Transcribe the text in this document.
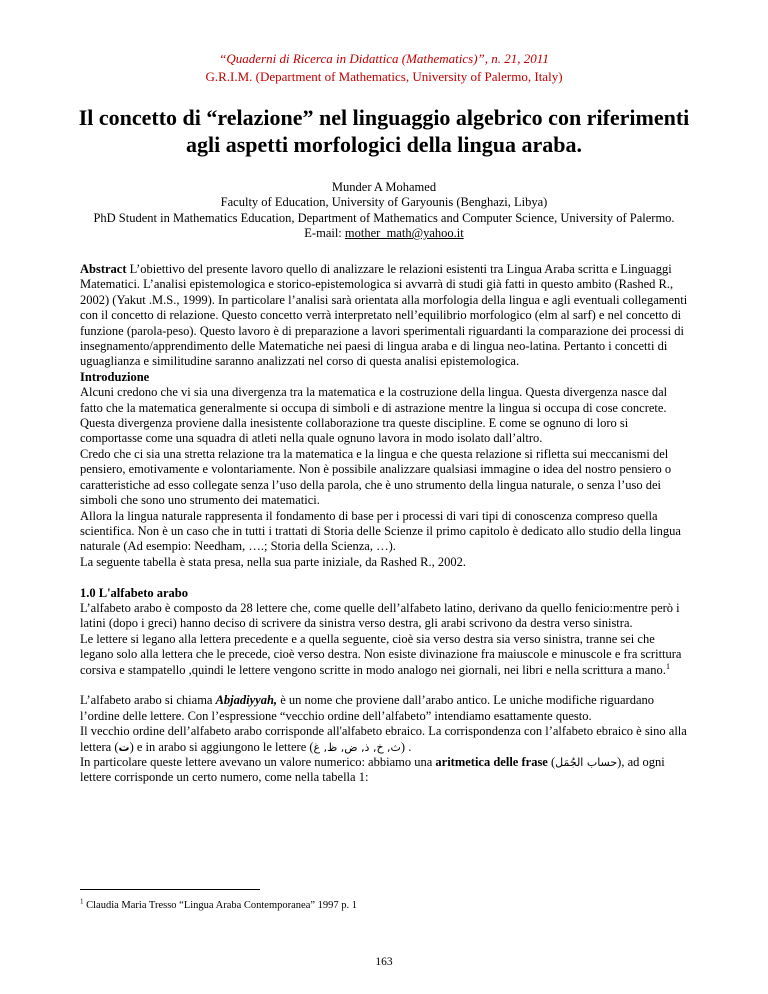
“Quaderni di Ricerca in Didattica (Mathematics)”, n. 21, 2011
G.R.I.M. (Department of Mathematics, University of Palermo, Italy)
Il concetto di “relazione” nel linguaggio algebrico con riferimenti agli aspetti morfologici della lingua araba.
Munder A Mohamed
Faculty of Education, University of Garyounis (Benghazi, Libya)
PhD Student in Mathematics Education, Department of Mathematics and Computer Science, University of Palermo.
E-mail: mother_math@yahoo.it

Abstract L’obiettivo del presente lavoro quello di analizzare le relazioni esistenti tra Lingua Araba scritta e Linguaggi Matematici. L’analisi epistemologica e storico-epistemologica si avvarrà di studi già fatti in questo ambito (Rashed R., 2002) (Yakut .M.S., 1999). In particolare l’analisi sarà orientata alla morfologia della lingua e agli eventuali collegamenti con il concetto di relazione. Questo concetto verrà interpretato nell’equilibrio morfologico (elm al sarf) e nel concetto di funzione (parola-peso). Questo lavoro è di preparazione a lavori sperimentali riguardanti la comparazione dei processi di insegnamento/apprendimento delle Matematiche nei paesi di lingua araba e di lingua neo-latina. Pertanto i concetti di uguaglianza e similitudine saranno analizzati nel corso di questa analisi epistemologica.

Introduzione

Alcuni credono che vi sia una divergenza tra la matematica e la costruzione della lingua. Questa divergenza nasce dal fatto che la matematica generalmente si occupa di simboli e di astrazione mentre la lingua si occupa di cose concrete. Questa divergenza proviene dalla inesistente collaborazione tra queste discipline. E come se ognuno di loro si comportasse come una squadra di atleti nella quale ognuno lavora in modo isolato dall’altro.

Credo che ci sia una stretta relazione tra la matematica e la lingua e che questa relazione si rifletta sui meccanismi del pensiero, emotivamente e volontariamente. Non è possibile analizzare qualsiasi immagine o idea del nostro pensiero o caratteristiche ad esso collegate senza l’uso della parola, che è uno strumento della lingua naturale, o senza l’uso dei simboli che sono uno strumento dei matematici.

Allora la lingua naturale rappresenta il fondamento di base per i processi di vari tipi di conoscenza compreso quella scientifica. Non è un caso che in tutti i trattati di Storia delle Scienze il primo capitolo è dedicato allo studio della lingua naturale (Ad esempio: Needham, ….; Storia della Scienza, …).

La seguente tabella è stata presa, nella sua parte iniziale, da Rashed R., 2002.

1.0 L'alfabeto arabo

L’alfabeto arabo è composto da 28 lettere che, come quelle dell’alfabeto latino, derivano da quello fenicio:mentre però i latini (dopo i greci) hanno deciso di scrivere da sinistra verso destra, gli arabi scrivono da destra verso sinistra.

Le lettere si legano alla lettera precedente e a quella seguente, cioè sia verso destra sia verso sinistra, tranne sei che legano solo alla lettera che le precede, cioè verso destra. Non esiste divinazione fra maiuscole e minuscole e fra scrittura corsiva e stampatello ,quindi le lettere vengono scritte in modo analogo nei giornali, nei libri e nella scrittura a mano.$^1$

L’alfabeto arabo si chiama Abjadiyyah, è un nome che proviene dall’arabo antico. Le uniche modifiche riguardano l’ordine delle lettere. Con l’espressione “vecchio ordine dell’alfabeto” intendiamo esattamente questo.

Il vecchio ordine dell’alfabeto arabo corrisponde all'alfabeto ebraico. La corrispondenza con l’alfabeto ebraico è sino alla lettera (ت) e in arabo si aggiungono le lettere (ث, خ, ذ, ض, ظ, غ) .

In particolare queste lettere avevano un valore numerico: abbiamo una aritmetica delle frase (حساب الجُمَل), ad ogni lettere corrisponde un certo numero, come nella tabella 1:

$^1$ Claudia Maria Tresso “Lingua Araba Contemporanea” 1997 p. 1
163
